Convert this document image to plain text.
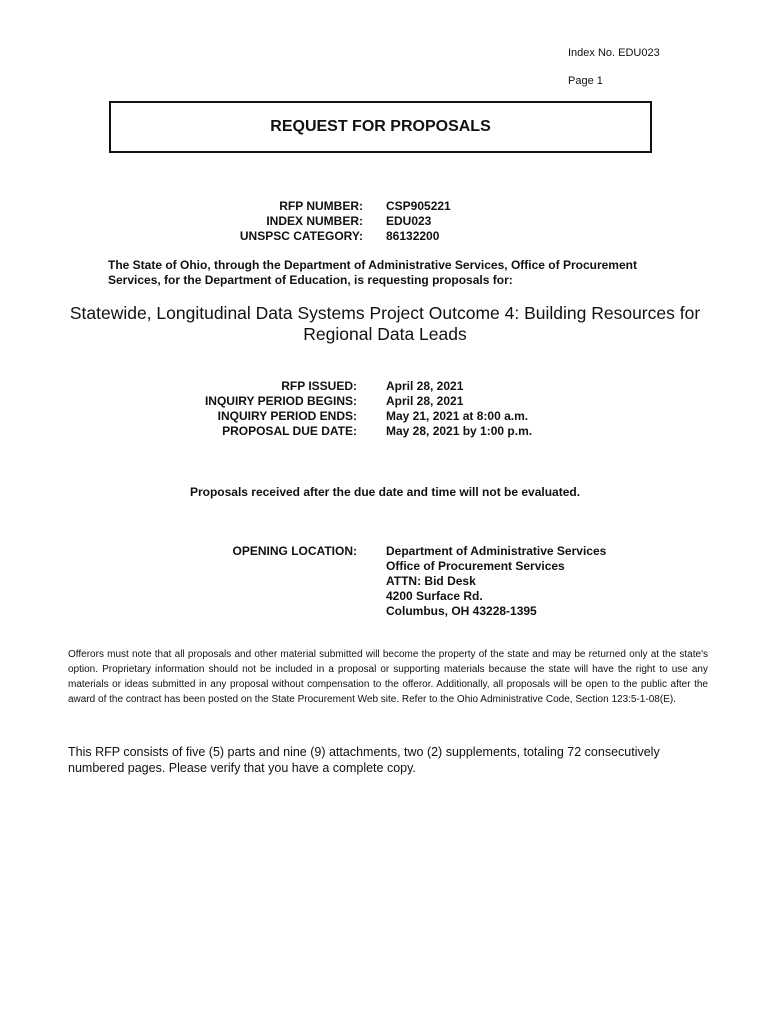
Index No. EDU023
Page 1
REQUEST FOR PROPOSALS
RFP NUMBER:
INDEX NUMBER:
UNSPSC CATEGORY:
CSP905221
EDU023
86132200
The State of Ohio, through the Department of Administrative Services, Office of Procurement Services, for the Department of Education, is requesting proposals for:
Statewide, Longitudinal Data Systems Project Outcome 4: Building Resources for Regional Data Leads
RFP ISSUED:
INQUIRY PERIOD BEGINS:
INQUIRY PERIOD ENDS:
PROPOSAL DUE DATE:
April 28, 2021
April 28, 2021
May 21, 2021 at 8:00 a.m.
May 28, 2021 by 1:00 p.m.
Proposals received after the due date and time will not be evaluated.
OPENING LOCATION: Department of Administrative Services
Office of Procurement Services
ATTN: Bid Desk
4200 Surface Rd.
Columbus, OH 43228-1395
Offerors must note that all proposals and other material submitted will become the property of the state and may be returned only at the state's option. Proprietary information should not be included in a proposal or supporting materials because the state will have the right to use any materials or ideas submitted in any proposal without compensation to the offeror. Additionally, all proposals will be open to the public after the award of the contract has been posted on the State Procurement Web site. Refer to the Ohio Administrative Code, Section 123:5-1-08(E).
This RFP consists of five (5) parts and nine (9) attachments, two (2) supplements, totaling 72 consecutively numbered pages. Please verify that you have a complete copy.
